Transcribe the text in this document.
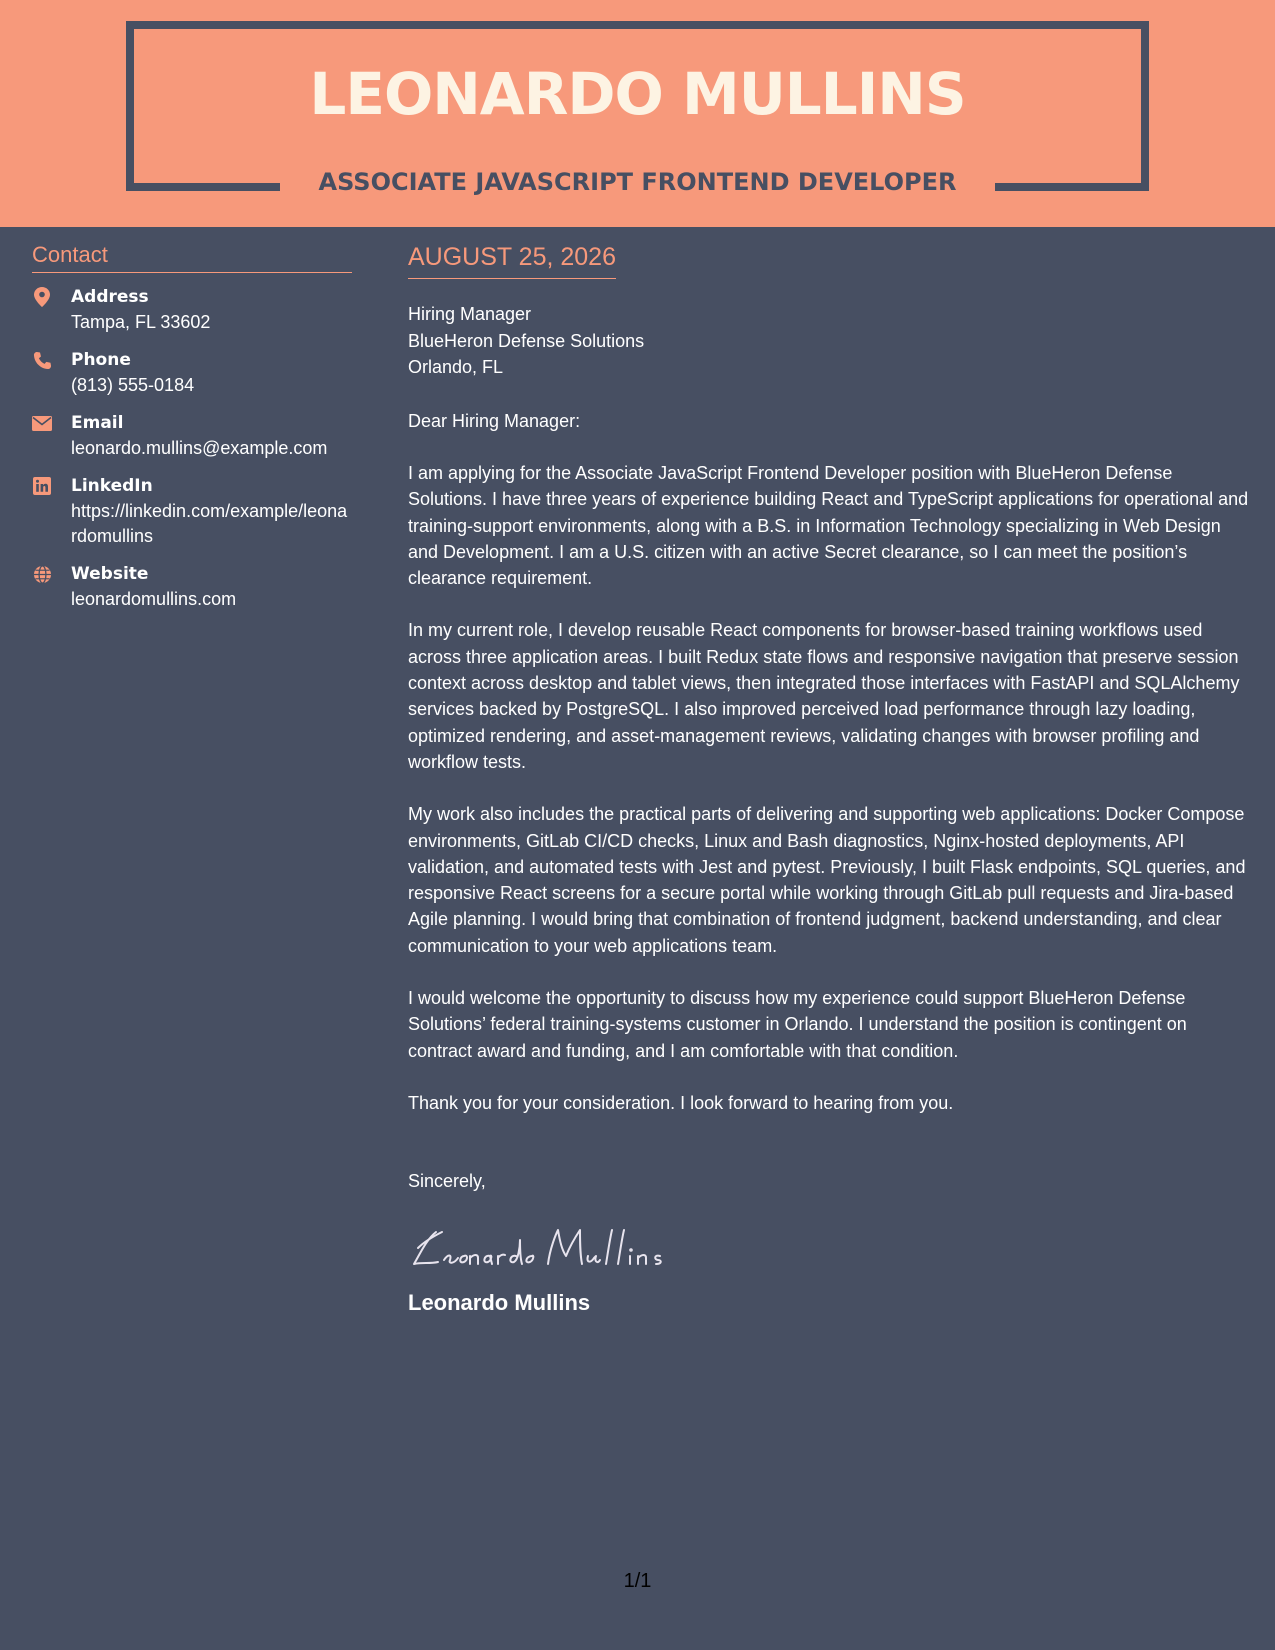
LEONARDO MULLINS
ASSOCIATE JAVASCRIPT FRONTEND DEVELOPER
Contact
Address
Tampa, FL 33602
Phone
(813) 555-0184
Email
leonardo.mullins@example.com
LinkedIn
https://linkedin.com/example/leonardomullins
Website
leonardomullins.com
AUGUST 25, 2026
Hiring Manager
BlueHeron Defense Solutions
Orlando, FL
Dear Hiring Manager:
I am applying for the Associate JavaScript Frontend Developer position with BlueHeron Defense Solutions. I have three years of experience building React and TypeScript applications for operational and training-support environments, along with a B.S. in Information Technology specializing in Web Design and Development. I am a U.S. citizen with an active Secret clearance, so I can meet the position’s clearance requirement.
In my current role, I develop reusable React components for browser-based training workflows used across three application areas. I built Redux state flows and responsive navigation that preserve session context across desktop and tablet views, then integrated those interfaces with FastAPI and SQLAlchemy services backed by PostgreSQL. I also improved perceived load performance through lazy loading, optimized rendering, and asset-management reviews, validating changes with browser profiling and workflow tests.
My work also includes the practical parts of delivering and supporting web applications: Docker Compose environments, GitLab CI/CD checks, Linux and Bash diagnostics, Nginx-hosted deployments, API validation, and automated tests with Jest and pytest. Previously, I built Flask endpoints, SQL queries, and responsive React screens for a secure portal while working through GitLab pull requests and Jira-based Agile planning. I would bring that combination of frontend judgment, backend understanding, and clear communication to your web applications team.
I would welcome the opportunity to discuss how my experience could support BlueHeron Defense Solutions’ federal training-systems customer in Orlando. I understand the position is contingent on contract award and funding, and I am comfortable with that condition.
Thank you for your consideration. I look forward to hearing from you.
Sincerely,
Leonardo Mullins
1/1
